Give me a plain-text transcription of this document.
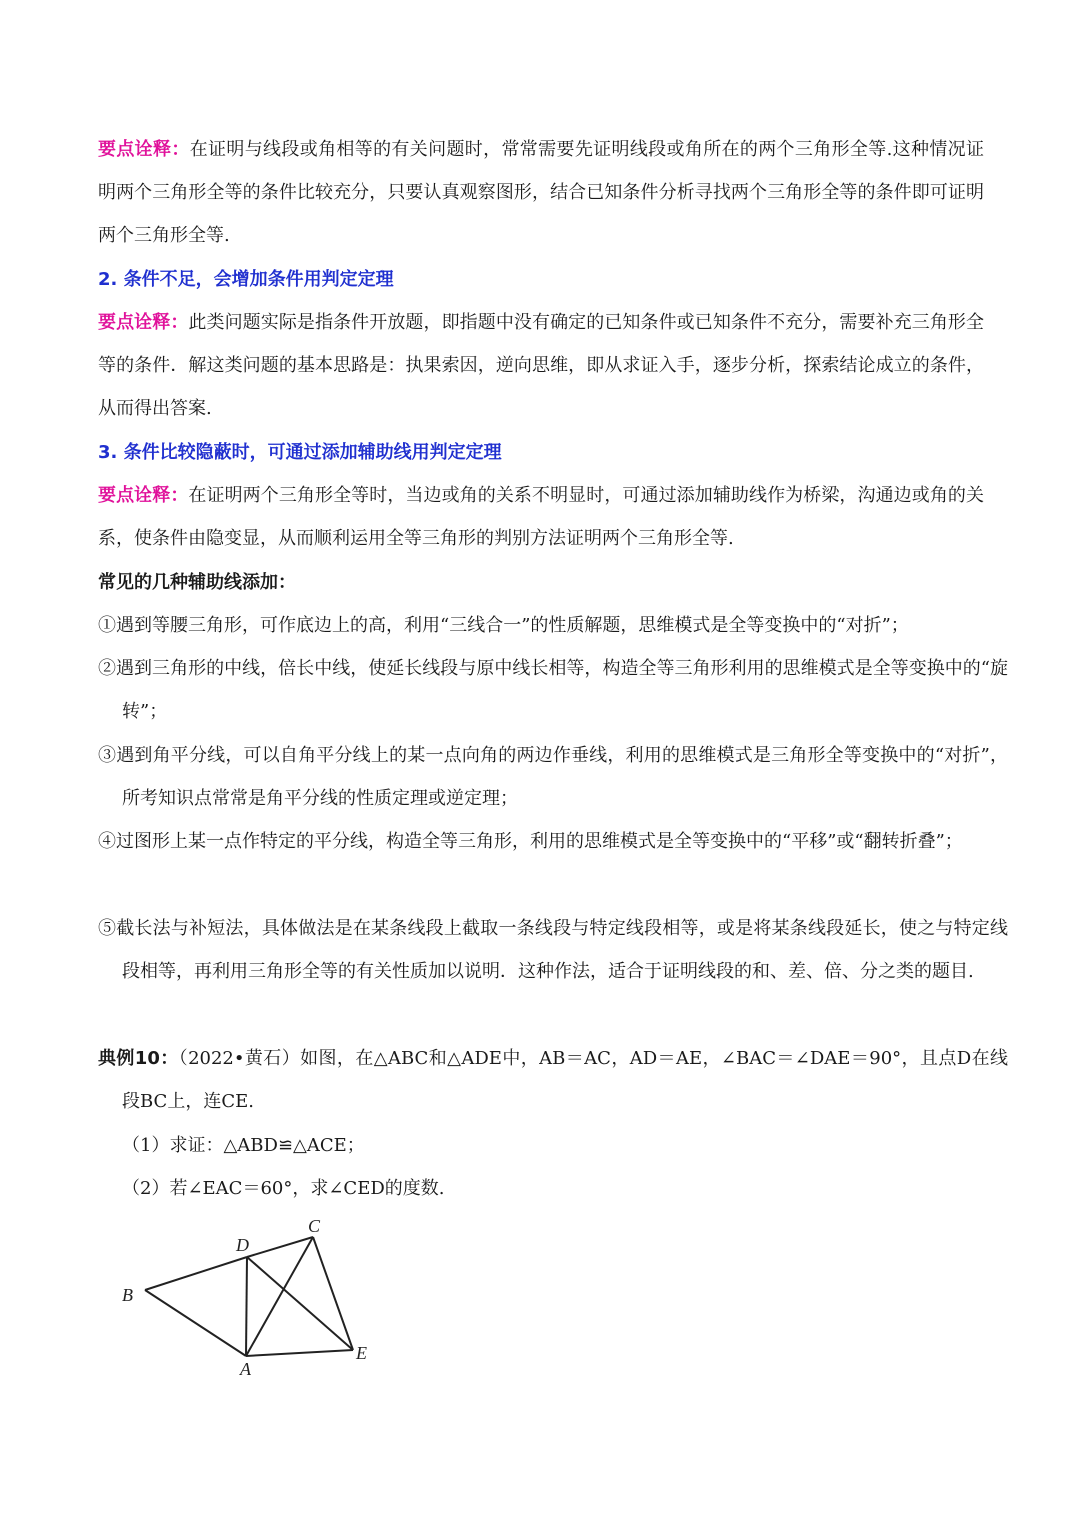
要点诠释：在证明与线段或角相等的有关问题时，常常需要先证明线段或角所在的两个三角形全等.这种情况证明两个三角形全等的条件比较充分，只要认真观察图形，结合已知条件分析寻找两个三角形全等的条件即可证明两个三角形全等.

2. 条件不足，会增加条件用判定定理

要点诠释：此类问题实际是指条件开放题，即指题中没有确定的已知条件或已知条件不充分，需要补充三角形全等的条件．解这类问题的基本思路是：执果索因，逆向思维，即从求证入手，逐步分析，探索结论成立的条件，从而得出答案.

3. 条件比较隐蔽时，可通过添加辅助线用判定定理

要点诠释：在证明两个三角形全等时，当边或角的关系不明显时，可通过添加辅助线作为桥梁，沟通边或角的关系，使条件由隐变显，从而顺利运用全等三角形的判别方法证明两个三角形全等.

常见的几种辅助线添加：

①遇到等腰三角形，可作底边上的高，利用“三线合一”的性质解题，思维模式是全等变换中的“对折”；

②遇到三角形的中线，倍长中线，使延长线段与原中线长相等，构造全等三角形利用的思维模式是全等变换中的“旋转”；

③遇到角平分线，可以自角平分线上的某一点向角的两边作垂线，利用的思维模式是三角形全等变换中的“对折”，所考知识点常常是角平分线的性质定理或逆定理；

④过图形上某一点作特定的平分线，构造全等三角形，利用的思维模式是全等变换中的“平移”或“翻转折叠”；

⑤截长法与补短法，具体做法是在某条线段上截取一条线段与特定线段相等，或是将某条线段延长，使之与特定线段相等，再利用三角形全等的有关性质加以说明．这种作法，适合于证明线段的和、差、倍、分之类的题目.

典例10：（2022•黄石）如图，在△ABC和△ADE中，AB＝AC，AD＝AE，∠BAC＝∠DAE＝90°，且点D在线段BC上，连CE.

（1）求证：△ABD≌△ACE；

（2）若∠EAC＝60°，求∠CED的度数.

B
D
C
A
E
